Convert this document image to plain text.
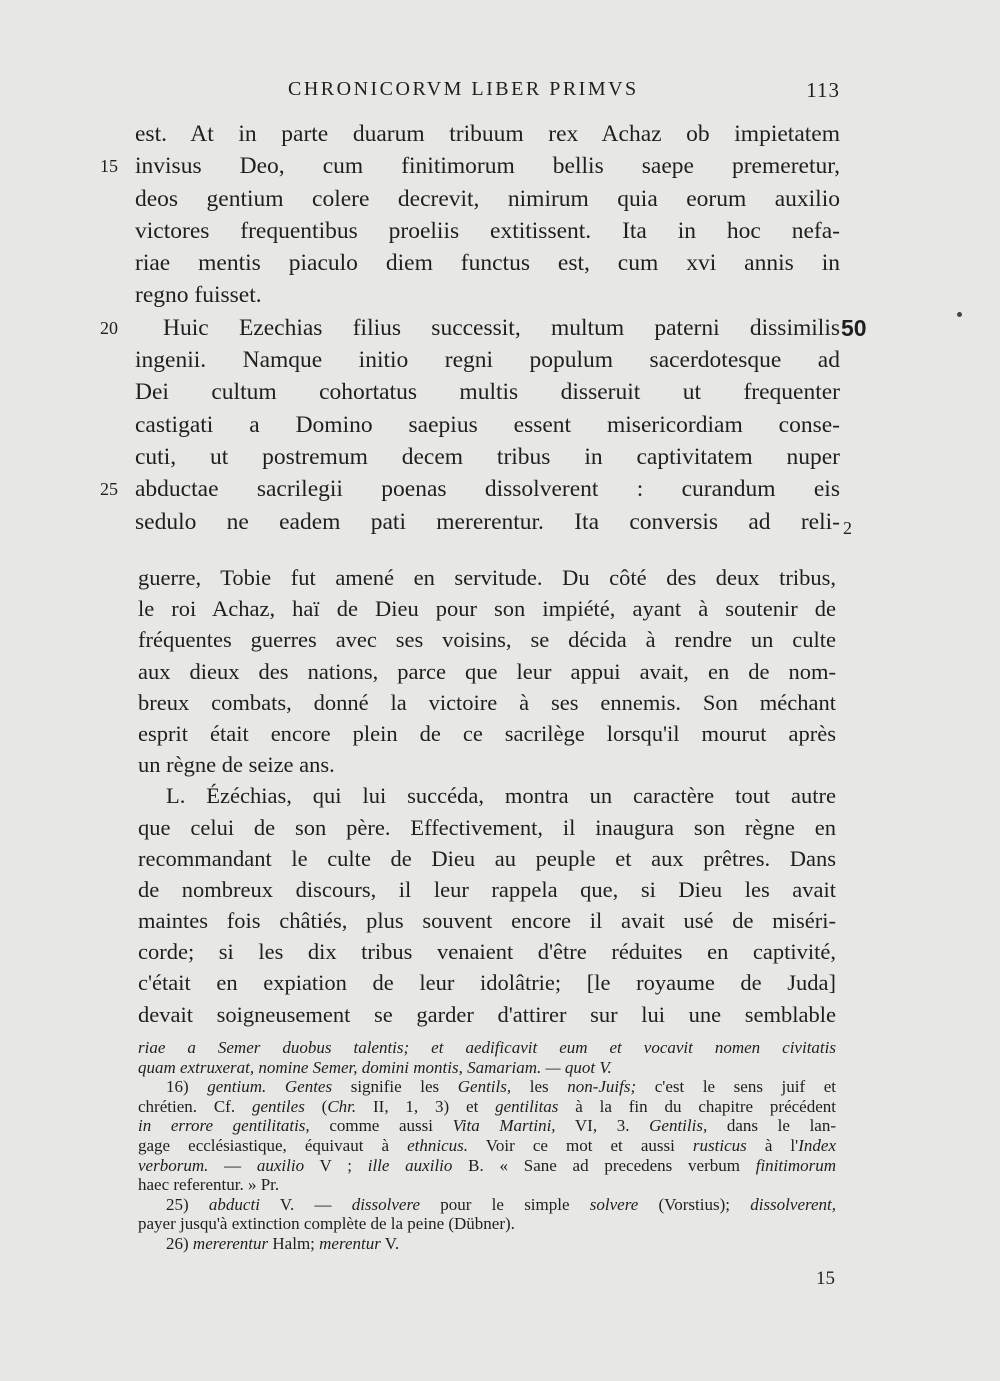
CHRONICORVM LIBER PRIMVS	113
est. At in parte duarum tribuum rex Achaz ob impietatem
15 invisus Deo, cum finitimorum bellis saepe premeretur,
deos gentium colere decrevit, nimirum quia eorum auxilio
victores frequentibus proeliis extitissent. Ita in hoc nefa-
riae mentis piaculo diem functus est, cum xvi annis in
regno fuisset.
20 Huic Ezechias filius successit, multum paterni dissimilis 50
ingenii. Namque initio regni populum sacerdotesque ad
Dei cultum cohortatus multis disseruit ut frequenter
castigati a Domino saepius essent misericordiam conse-
cuti, ut postremum decem tribus in captivitatem nuper
25 abductae sacrilegii poenas dissolverent : curandum eis
sedulo ne eadem pati mererentur. Ita conversis ad reli- 2
guerre, Tobie fut amené en servitude. Du côté des deux tribus,
le roi Achaz, haï de Dieu pour son impiété, ayant à soutenir de
fréquentes guerres avec ses voisins, se décida à rendre un culte
aux dieux des nations, parce que leur appui avait, en de nom-
breux combats, donné la victoire à ses ennemis. Son méchant
esprit était encore plein de ce sacrilège lorsqu'il mourut après
un règne de seize ans.
L. Ézéchias, qui lui succéda, montra un caractère tout autre
que celui de son père. Effectivement, il inaugura son règne en
recommandant le culte de Dieu au peuple et aux prêtres. Dans
de nombreux discours, il leur rappela que, si Dieu les avait
maintes fois châtiés, plus souvent encore il avait usé de miséri-
corde; si les dix tribus venaient d'être réduites en captivité,
c'était en expiation de leur idolâtrie; [le royaume de Juda]
devait soigneusement se garder d'attirer sur lui une semblable
riae a Semer duobus talentis; et aedificavit eum et vocavit nomen civitatis
quam extruxerat, nomine Semer, domini montis, Samariam. — quot V.
16) gentium. Gentes signifie les Gentils, les non-Juifs; c'est le sens juif et
chrétien. Cf. gentiles (Chr. II, 1, 3) et gentilitas à la fin du chapitre précédent
in errore gentilitatis, comme aussi Vita Martini, VI, 3. Gentilis, dans le lan-
gage ecclésiastique, équivaut à ethnicus. Voir ce mot et aussi rusticus à l'Index
verborum. — auxilio V ; ille auxilio B. « Sane ad precedens verbum finitimorum
haec referentur. » Pr.
25) abducti V. — dissolvere pour le simple solvere (Vorstius); dissolverent,
payer jusqu'à extinction complète de la peine (Dübner).
26) mererentur Halm; merentur V.
15
